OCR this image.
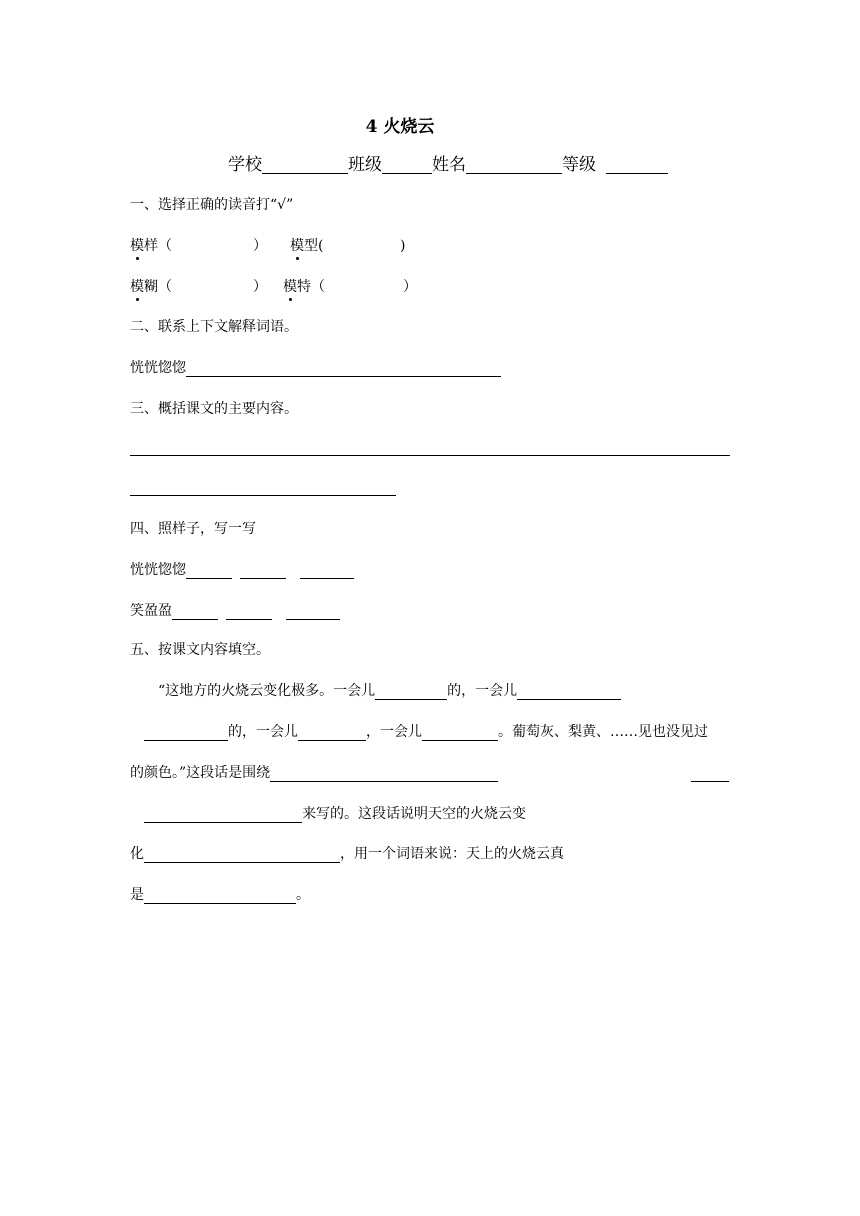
4 火烧云
学校	班级	姓名	等级
一、选择正确的读音打“√”
模样（	） 模型(	)
模糊（	） 模特（	）
二、联系上下文解释词语。
恍恍惚惚
三、概括课文的主要内容。
四、照样子，写一写
恍恍惚惚
笑盈盈
五、按课文内容填空。
“这地方的火烧云变化极多。一会儿	的，一会儿
的，一会儿	，一会儿	。葡萄灰、梨黄、……见也没见过
的颜色。”这段话是围绕
来写的。这段话说明天空的火烧云变
化	，用一个词语来说：天上的火烧云真
是	。
